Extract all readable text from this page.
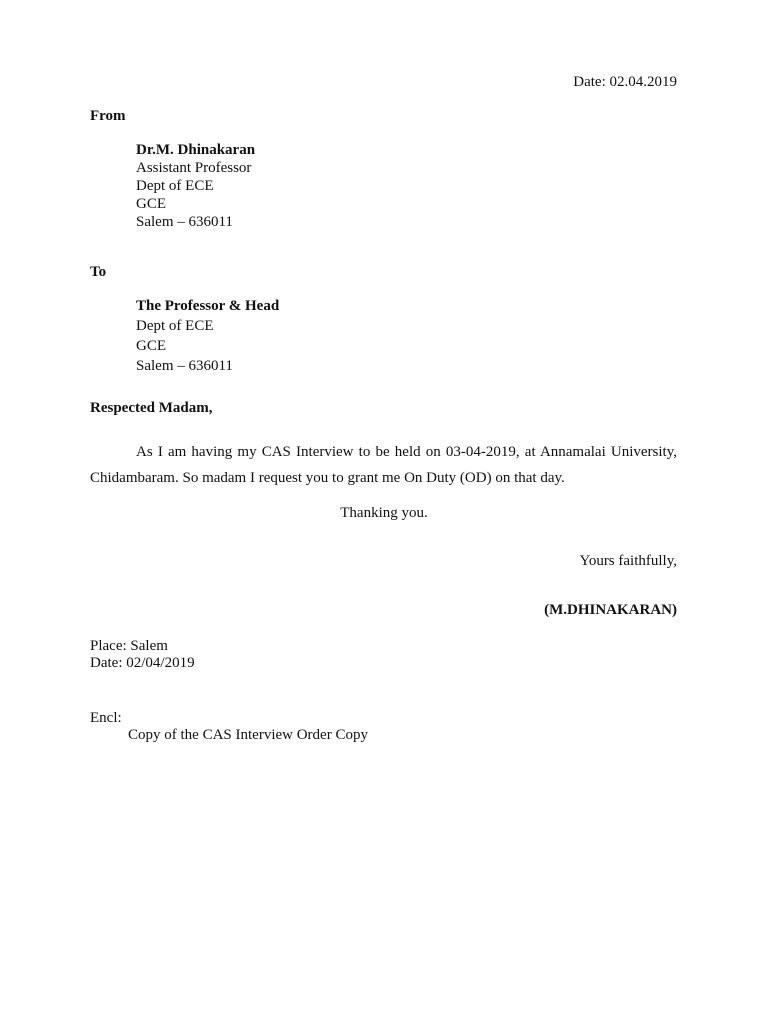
Date: 02.04.2019
From
Dr.M. Dhinakaran
Assistant Professor
Dept of ECE
GCE
Salem – 636011
To
The Professor & Head
Dept of ECE
GCE
Salem – 636011
Respected Madam,
As I am having my CAS Interview to be held on 03-04-2019, at Annamalai University,
Chidambaram. So madam I request you to grant me On Duty (OD) on that day.
Thanking you.
Yours faithfully,
(M.DHINAKARAN)
Place: Salem
Date: 02/04/2019
Encl:
Copy of the CAS Interview Order Copy
